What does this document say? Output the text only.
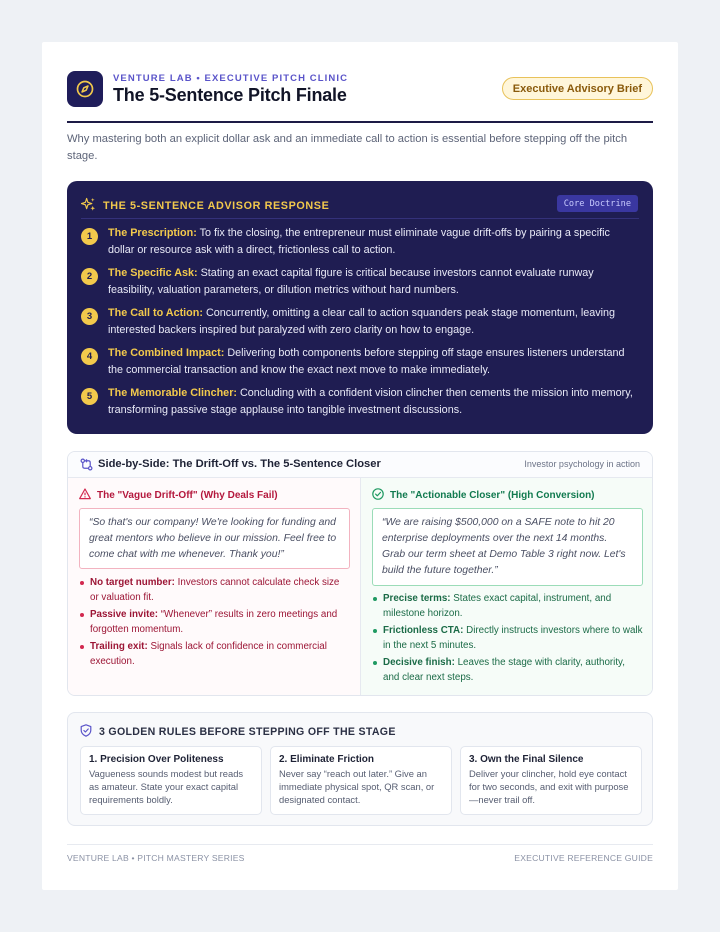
VENTURE LAB • EXECUTIVE PITCH CLINIC
The 5-Sentence Pitch Finale	Executive Advisory Brief
Why mastering both an explicit dollar ask and an immediate call to action is essential before stepping off the pitch stage.
THE 5-SENTENCE ADVISOR RESPONSE	Core Doctrine
1	The Prescription: To fix the closing, the entrepreneur must eliminate vague drift-offs by pairing a specific dollar or resource ask with a direct, frictionless call to action.
2	The Specific Ask: Stating an exact capital figure is critical because investors cannot evaluate runway feasibility, valuation parameters, or dilution metrics without hard numbers.
3	The Call to Action: Concurrently, omitting a clear call to action squanders peak stage momentum, leaving interested backers inspired but paralyzed with zero clarity on how to engage.
4	The Combined Impact: Delivering both components before stepping off stage ensures listeners understand the commercial transaction and know the exact next move to make immediately.
5	The Memorable Clincher: Concluding with a confident vision clincher then cements the mission into memory, transforming passive stage applause into tangible investment discussions.
Side-by-Side: The Drift-Off vs. The 5-Sentence Closer	Investor psychology in action
The "Vague Drift-Off" (Why Deals Fail)
“So that's our company! We're looking for funding and great mentors who believe in our mission. Feel free to come chat with me whenever. Thank you!”
No target number: Investors cannot calculate check size or valuation fit.
Passive invite: “Whenever” results in zero meetings and forgotten momentum.
Trailing exit: Signals lack of confidence in commercial execution.
The "Actionable Closer" (High Conversion)
“We are raising $500,000 on a SAFE note to hit 20 enterprise deployments over the next 14 months. Grab our term sheet at Demo Table 3 right now. Let's build the future together.”
Precise terms: States exact capital, instrument, and milestone horizon.
Frictionless CTA: Directly instructs investors where to walk in the next 5 minutes.
Decisive finish: Leaves the stage with clarity, authority, and clear next steps.
3 GOLDEN RULES BEFORE STEPPING OFF THE STAGE
1. Precision Over Politeness
Vagueness sounds modest but reads as amateur. State your exact capital requirements boldly.
2. Eliminate Friction
Never say “reach out later.” Give an immediate physical spot, QR scan, or designated contact.
3. Own the Final Silence
Deliver your clincher, hold eye contact for two seconds, and exit with purpose—never trail off.
VENTURE LAB • PITCH MASTERY SERIES	EXECUTIVE REFERENCE GUIDE
